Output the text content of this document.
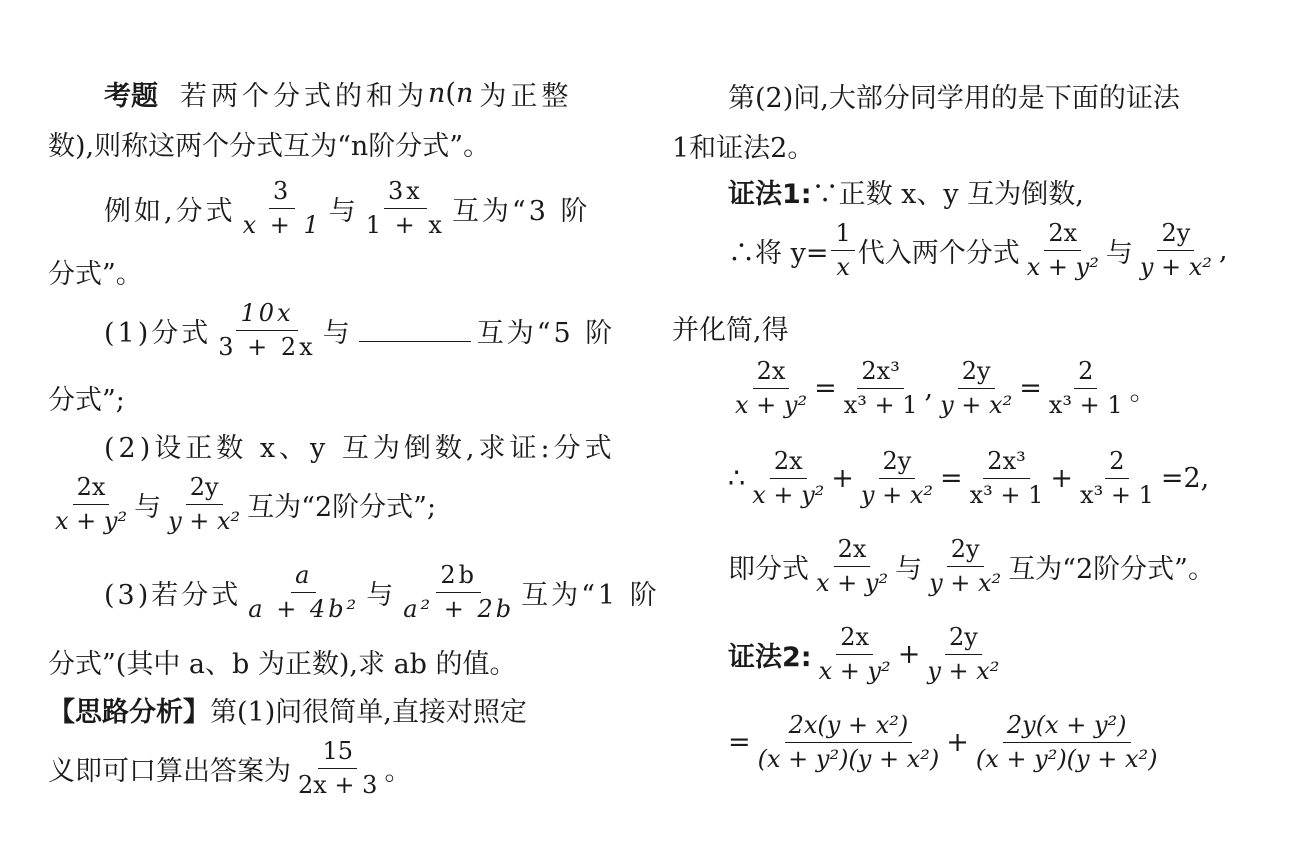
考题 若两个分式的和为 n ( n 为正整
数),则称这两个分式互为“n阶分式”。
例如,分式 $\frac{3}{x + 1}$ 与 $\frac{3x}{1 + x}$ 互为“3 阶
分式”。
(1)分式 $\frac{10x}{3 + 2x}$ 与	互为“5 阶
分式”;
(2)设正数 x、y 互为倒数,求证:分式
$\frac{2x}{\text{x + y²}}$ 与 $\frac{2y}{\text{y + x²}}$ 互为“2阶分式”;
(3)若分式 $\frac{a}{\text{a + 4b²}}$ 与 $\frac{2b}{\text{a² + 2b}}$ 互为“1 阶
分式”(其中 a、b 为正数),求 ab 的值。
【思路分析】 第(1)问很简单,直接对照定
义即可口算出答案为 $\frac{15}{2x + 3}$ 。
第(2)问,大部分同学用的是下面的证法
1和证法2。
证法1: ∵正数 x、y 互为倒数,
∴将 $y= \frac{1}{x}$ 代入两个分式 $\frac{2x}{\text{x + y²}}$ 与 $\frac{2y}{\text{y + x²}}$ ,
并化简,得
$\frac{2x}{\text{x + y²}} = \frac{\text{2x³}}{\text{x³ + 1}}$ , $\frac{2y}{\text{y + x²}} = \frac{2}{\text{x³ + 1}}$ 。
∴ $\frac{2x}{\text{x + y²}} + \frac{2y}{\text{y + x²}} = \frac{\text{2x³}}{\text{x³ + 1}} + \frac{2}{\text{x³ + 1}} =2$,
即分式 $\frac{2x}{\text{x + y²}}$ 与 $\frac{2y}{\text{y + x²}}$ 互为“2阶分式”。
证法2: $\frac{2x}{\text{x + y²}} + \frac{2y}{\text{y + x²}}$
= $\frac{\text{2x(y + x²)}}{\text{(x + y²)(y + x²)}} + \frac{\text{2y(x + y²)}}{\text{(x + y²)(y + x²)}}$
